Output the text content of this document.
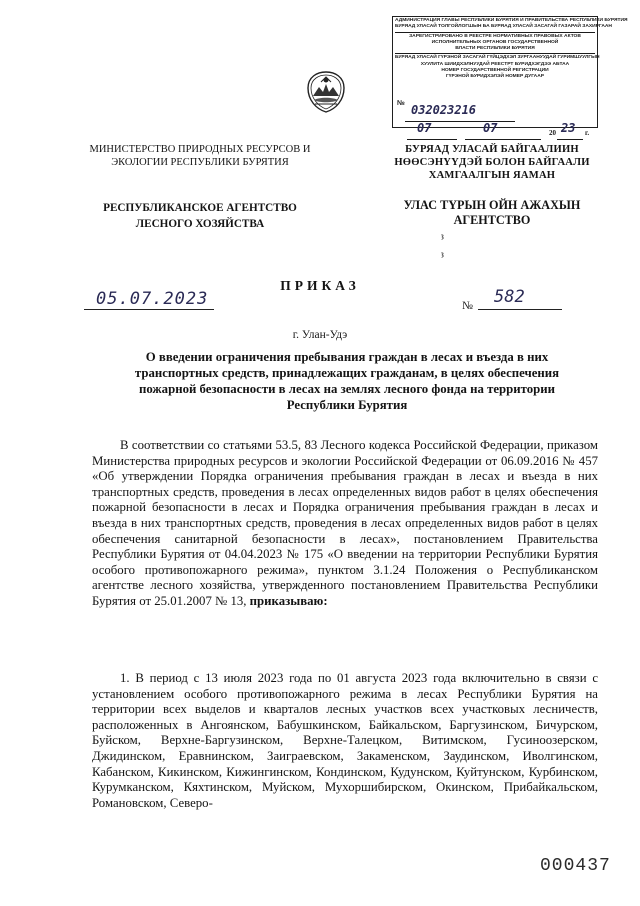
АДМИНИСТРАЦИЯ ГЛАВЫ РЕСПУБЛИКИ БУРЯТИЯ И ПРАВИТЕЛЬСТВА РЕСПУБЛИКИ БУРЯТИЯ
БУРЯАД УЛАСАЙ ТОЛГОЙЛОГШЫН БА БУРЯАД УЛАСАЙ ЗАСАГАЙ ГАЗАРАЙ ЗАХИРГААН
ЗАРЕГИСТРИРОВАНО В РЕЕСТРЕ НОРМАТИВНЫХ ПРАВОВЫХ АКТОВ
ИСПОЛНИТЕЛЬНЫХ ОРГАНОВ ГОСУДАРСТВЕННОЙ
ВЛАСТИ РЕСПУБЛИКИ БУРЯТИЯ
БУРЯАД УЛАСАЙ ГҮРЭНОЙ ЗАСАГАЙ ГҮЙЦЭДХЭЛ ЗУРГААНУУДАЙ ГУРИМШУУЛГЫН
ХУУЛИТА ШИИДХЭЛНУУДАЙ РЕЕСТРТ БУРИДХЭГДЭЭ АБТАА
НОМЕР ГОСУДАРСТВЕННОЙ РЕГИСТРАЦИИ
ГҮРЭНОЙ БУРИДХЭЛЭЙ НОМЕР ДУГААР
№ 032023216
07	07	20 23 г.
МИНИСТЕРСТВО ПРИРОДНЫХ РЕСУРСОВ И ЭКОЛОГИИ РЕСПУБЛИКИ БУРЯТИЯ
РЕСПУБЛИКАНСКОЕ АГЕНТСТВО ЛЕСНОГО ХОЗЯЙСТВА
БУРЯАД УЛАСАЙ БАЙГААЛИИН НӨӨСЭНҮҮДЭЙ БОЛОН БАЙГААЛИ ХАМГААЛГЫН ЯАМАН
УЛАС ТҮРЫН ОЙН АЖАХЫН АГЕНТСТВО
ȝ
ȝ
ПРИКАЗ
05.07.2023	№ 582
г. Улан-Удэ
О введении ограничения пребывания граждан в лесах и въезда в них транспортных средств, принадлежащих гражданам, в целях обеспечения пожарной безопасности в лесах на землях лесного фонда на территории Республики Бурятия
В соответствии со статьями 53.5, 83 Лесного кодекса Российской Федерации, приказом Министерства природных ресурсов и экологии Российской Федерации от 06.09.2016 № 457 «Об утверждении Порядка ограничения пребывания граждан в лесах и въезда в них транспортных средств, проведения в лесах определенных видов работ в целях обеспечения пожарной безопасности в лесах и Порядка ограничения пребывания граждан в лесах и въезда в них транспортных средств, проведения в лесах определенных видов работ в целях обеспечения санитарной безопасности в лесах», постановлением Правительства Республики Бурятия от 04.04.2023 № 175 «О введении на территории Республики Бурятия особого противопожарного режима», пунктом 3.1.24 Положения о Республиканском агентстве лесного хозяйства, утвержденного постановлением Правительства Республики Бурятия от 25.01.2007 № 13, приказываю:
1. В период с 13 июля 2023 года по 01 августа 2023 года включительно в связи с установлением особого противопожарного режима в лесах Республики Бурятия на территории всех выделов и кварталов лесных участков всех участковых лесничеств, расположенных в Ангоянском, Бабушкинском, Байкальском, Баргузинском, Бичурском, Буйском, Верхне-Баргузинском, Верхне-Талецком, Витимском, Гусиноозерском, Джидинском, Еравнинском, Заиграевском, Закаменском, Заудинском, Иволгинском, Кабанском, Кикинском, Кижингинском, Кондинском, Кудунском, Куйтунском, Курбинском, Курумканском, Кяхтинском, Муйском, Мухоршибирском, Окинском, Прибайкальском, Романовском, Северо-
000437
